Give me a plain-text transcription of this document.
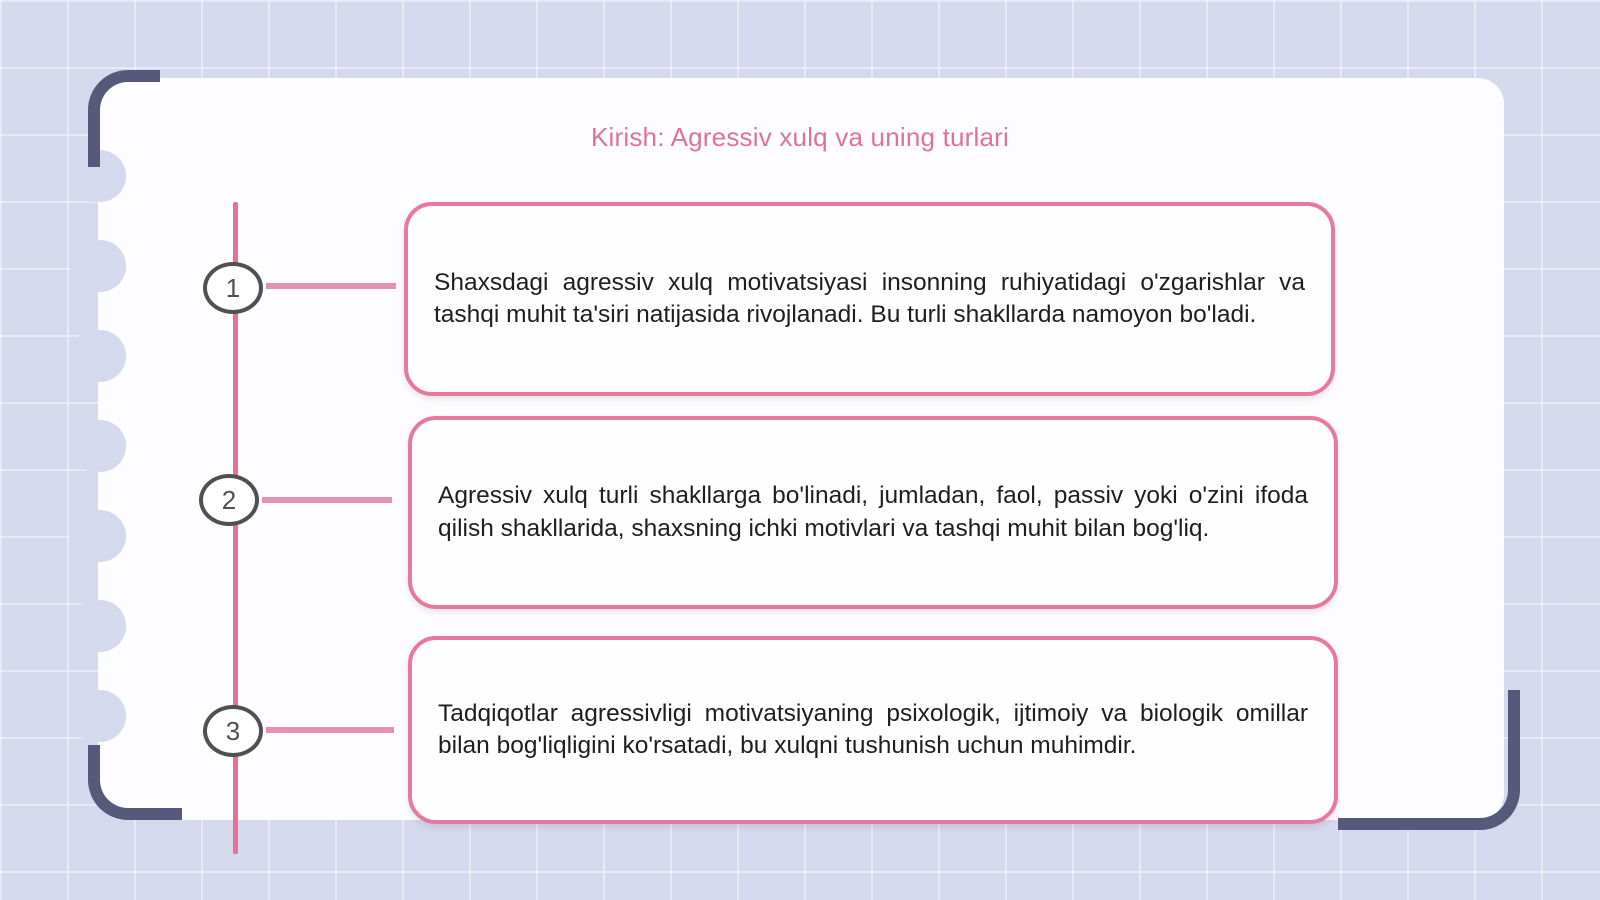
Kirish: Agressiv xulq va uning turlari
1	Shaxsdagi agressiv xulq motivatsiyasi insonning ruhiyatidagi o'zgarishlar va tashqi muhit ta'siri natijasida rivojlanadi. Bu turli shakllarda namoyon bo'ladi.
2	Agressiv xulq turli shakllarga bo'linadi, jumladan, faol, passiv yoki o'zini ifoda qilish shakllarida, shaxsning ichki motivlari va tashqi muhit bilan bog'liq.
3
Tadqiqotlar agressivligi motivatsiyaning psixologik, ijtimoiy va biologik omillar bilan bog'liqligini ko'rsatadi, bu xulqni tushunish uchun muhimdir.
